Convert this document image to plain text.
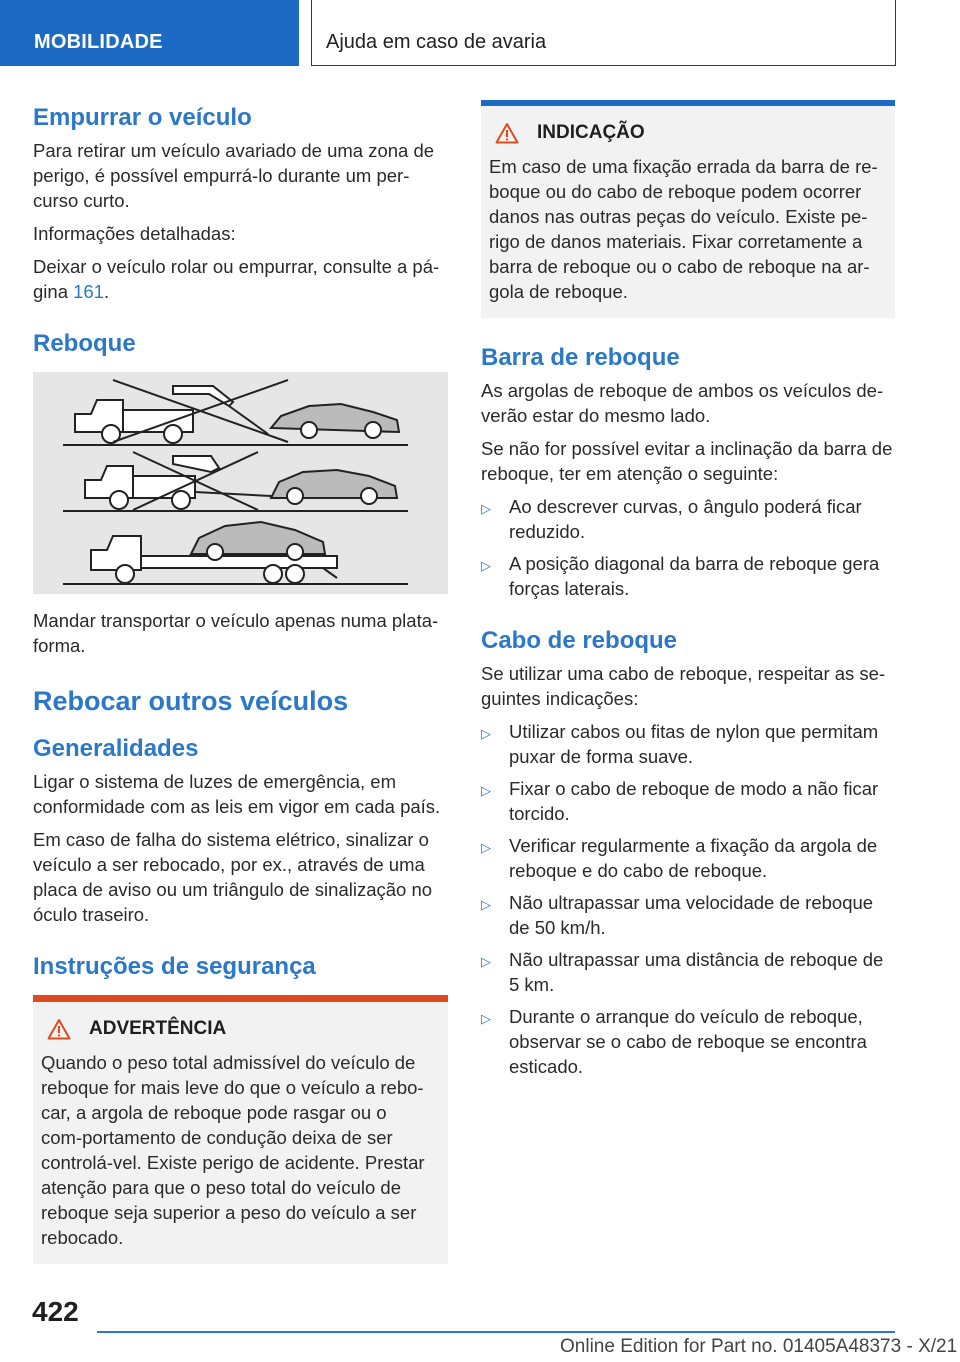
MOBILIDADE	Ajuda em caso de avaria
Empurrar o veículo

Para retirar um veículo avariado de uma zona de perigo, é possível empurrá-lo durante um per-curso curto.

Informações detalhadas:

Deixar o veículo rolar ou empurrar, consulte a pá-gina 161.

Reboque

Mandar transportar o veículo apenas numa plata-forma.

Rebocar outros veículos
Generalidades

Ligar o sistema de luzes de emergência, em conformidade com as leis em vigor em cada país.

Em caso de falha do sistema elétrico, sinalizar o veículo a ser rebocado, por ex., através de uma placa de aviso ou um triângulo de sinalização no óculo traseiro.

Instruções de segurança
ADVERTÊNCIA

Quando o peso total admissível do veículo de reboque for mais leve do que o veículo a rebo-car, a argola de reboque pode rasgar ou o com-portamento de condução deixa de ser controlá-vel. Existe perigo de acidente. Prestar atenção para que o peso total do veículo de reboque seja superior a peso do veículo a ser rebocado.

INDICAÇÃO

Em caso de uma fixação errada da barra de re-boque ou do cabo de reboque podem ocorrer danos nas outras peças do veículo. Existe pe-rigo de danos materiais. Fixar corretamente a barra de reboque ou o cabo de reboque na ar-gola de reboque.

Barra de reboque

As argolas de reboque de ambos os veículos de-verão estar do mesmo lado.

Se não for possível evitar a inclinação da barra de reboque, ter em atenção o seguinte:

▷ Ao descrever curvas, o ângulo poderá ficar reduzido.
▷ A posição diagonal da barra de reboque gera forças laterais.
Cabo de reboque

Se utilizar uma cabo de reboque, respeitar as se-guintes indicações:

▷ Utilizar cabos ou fitas de nylon que permitam puxar de forma suave.
▷ Fixar o cabo de reboque de modo a não ficar torcido.
▷ Verificar regularmente a fixação da argola de reboque e do cabo de reboque.
▷ Não ultrapassar uma velocidade de reboque de 50 km/h.
▷ Não ultrapassar uma distância de reboque de 5 km.
▷ Durante o arranque do veículo de reboque, observar se o cabo de reboque se encontra esticado.
422
Online Edition for Part no. 01405A48373 - X/21
